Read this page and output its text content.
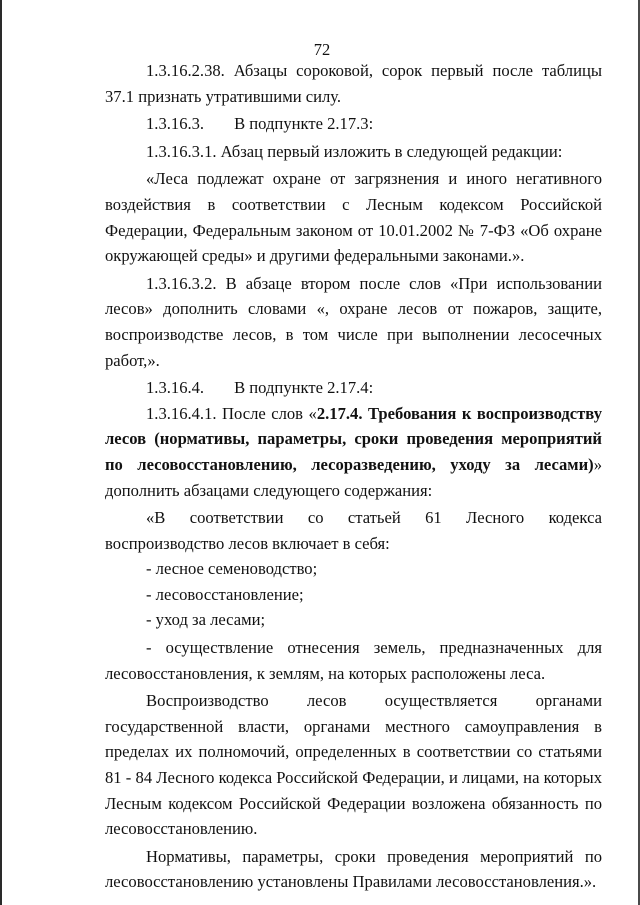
72

1.3.16.2.38. Абзацы сороковой, сорок первый после таблицы 37.1 признать утратившими силу.

1.3.16.3. В подпункте 2.17.3:

1.3.16.3.1. Абзац первый изложить в следующей редакции:

«Леса подлежат охране от загрязнения и иного негативного воздействия в соответствии с Лесным кодексом Российской Федерации, Федеральным законом от 10.01.2002 № 7-ФЗ «Об охране окружающей среды» и другими федеральными законами.».

1.3.16.3.2. В абзаце втором после слов «При использовании лесов» дополнить словами «, охране лесов от пожаров, защите, воспроизводстве лесов, в том числе при выполнении лесосечных работ,».

1.3.16.4. В подпункте 2.17.4:

1.3.16.4.1. После слов «2.17.4. Требования к воспроизводству лесов (нормативы, параметры, сроки проведения мероприятий по лесовосстановлению, лесоразведению, уходу за лесами)» дополнить абзацами следующего содержания:

«В соответствии со статьей 61 Лесного кодекса воспроизводство лесов включает в себя:

- лесное семеноводство;

- лесовосстановление;

- уход за лесами;

- осуществление отнесения земель, предназначенных для лесовосстановления, к землям, на которых расположены леса.

Воспроизводство лесов осуществляется органами государственной власти, органами местного самоуправления в пределах их полномочий, определенных в соответствии со статьями 81 - 84 Лесного кодекса Российской Федерации, и лицами, на которых Лесным кодексом Российской Федерации возложена обязанность по лесовосстановлению.

Нормативы, параметры, сроки проведения мероприятий по лесовосстановлению установлены Правилами лесовосстановления.».
